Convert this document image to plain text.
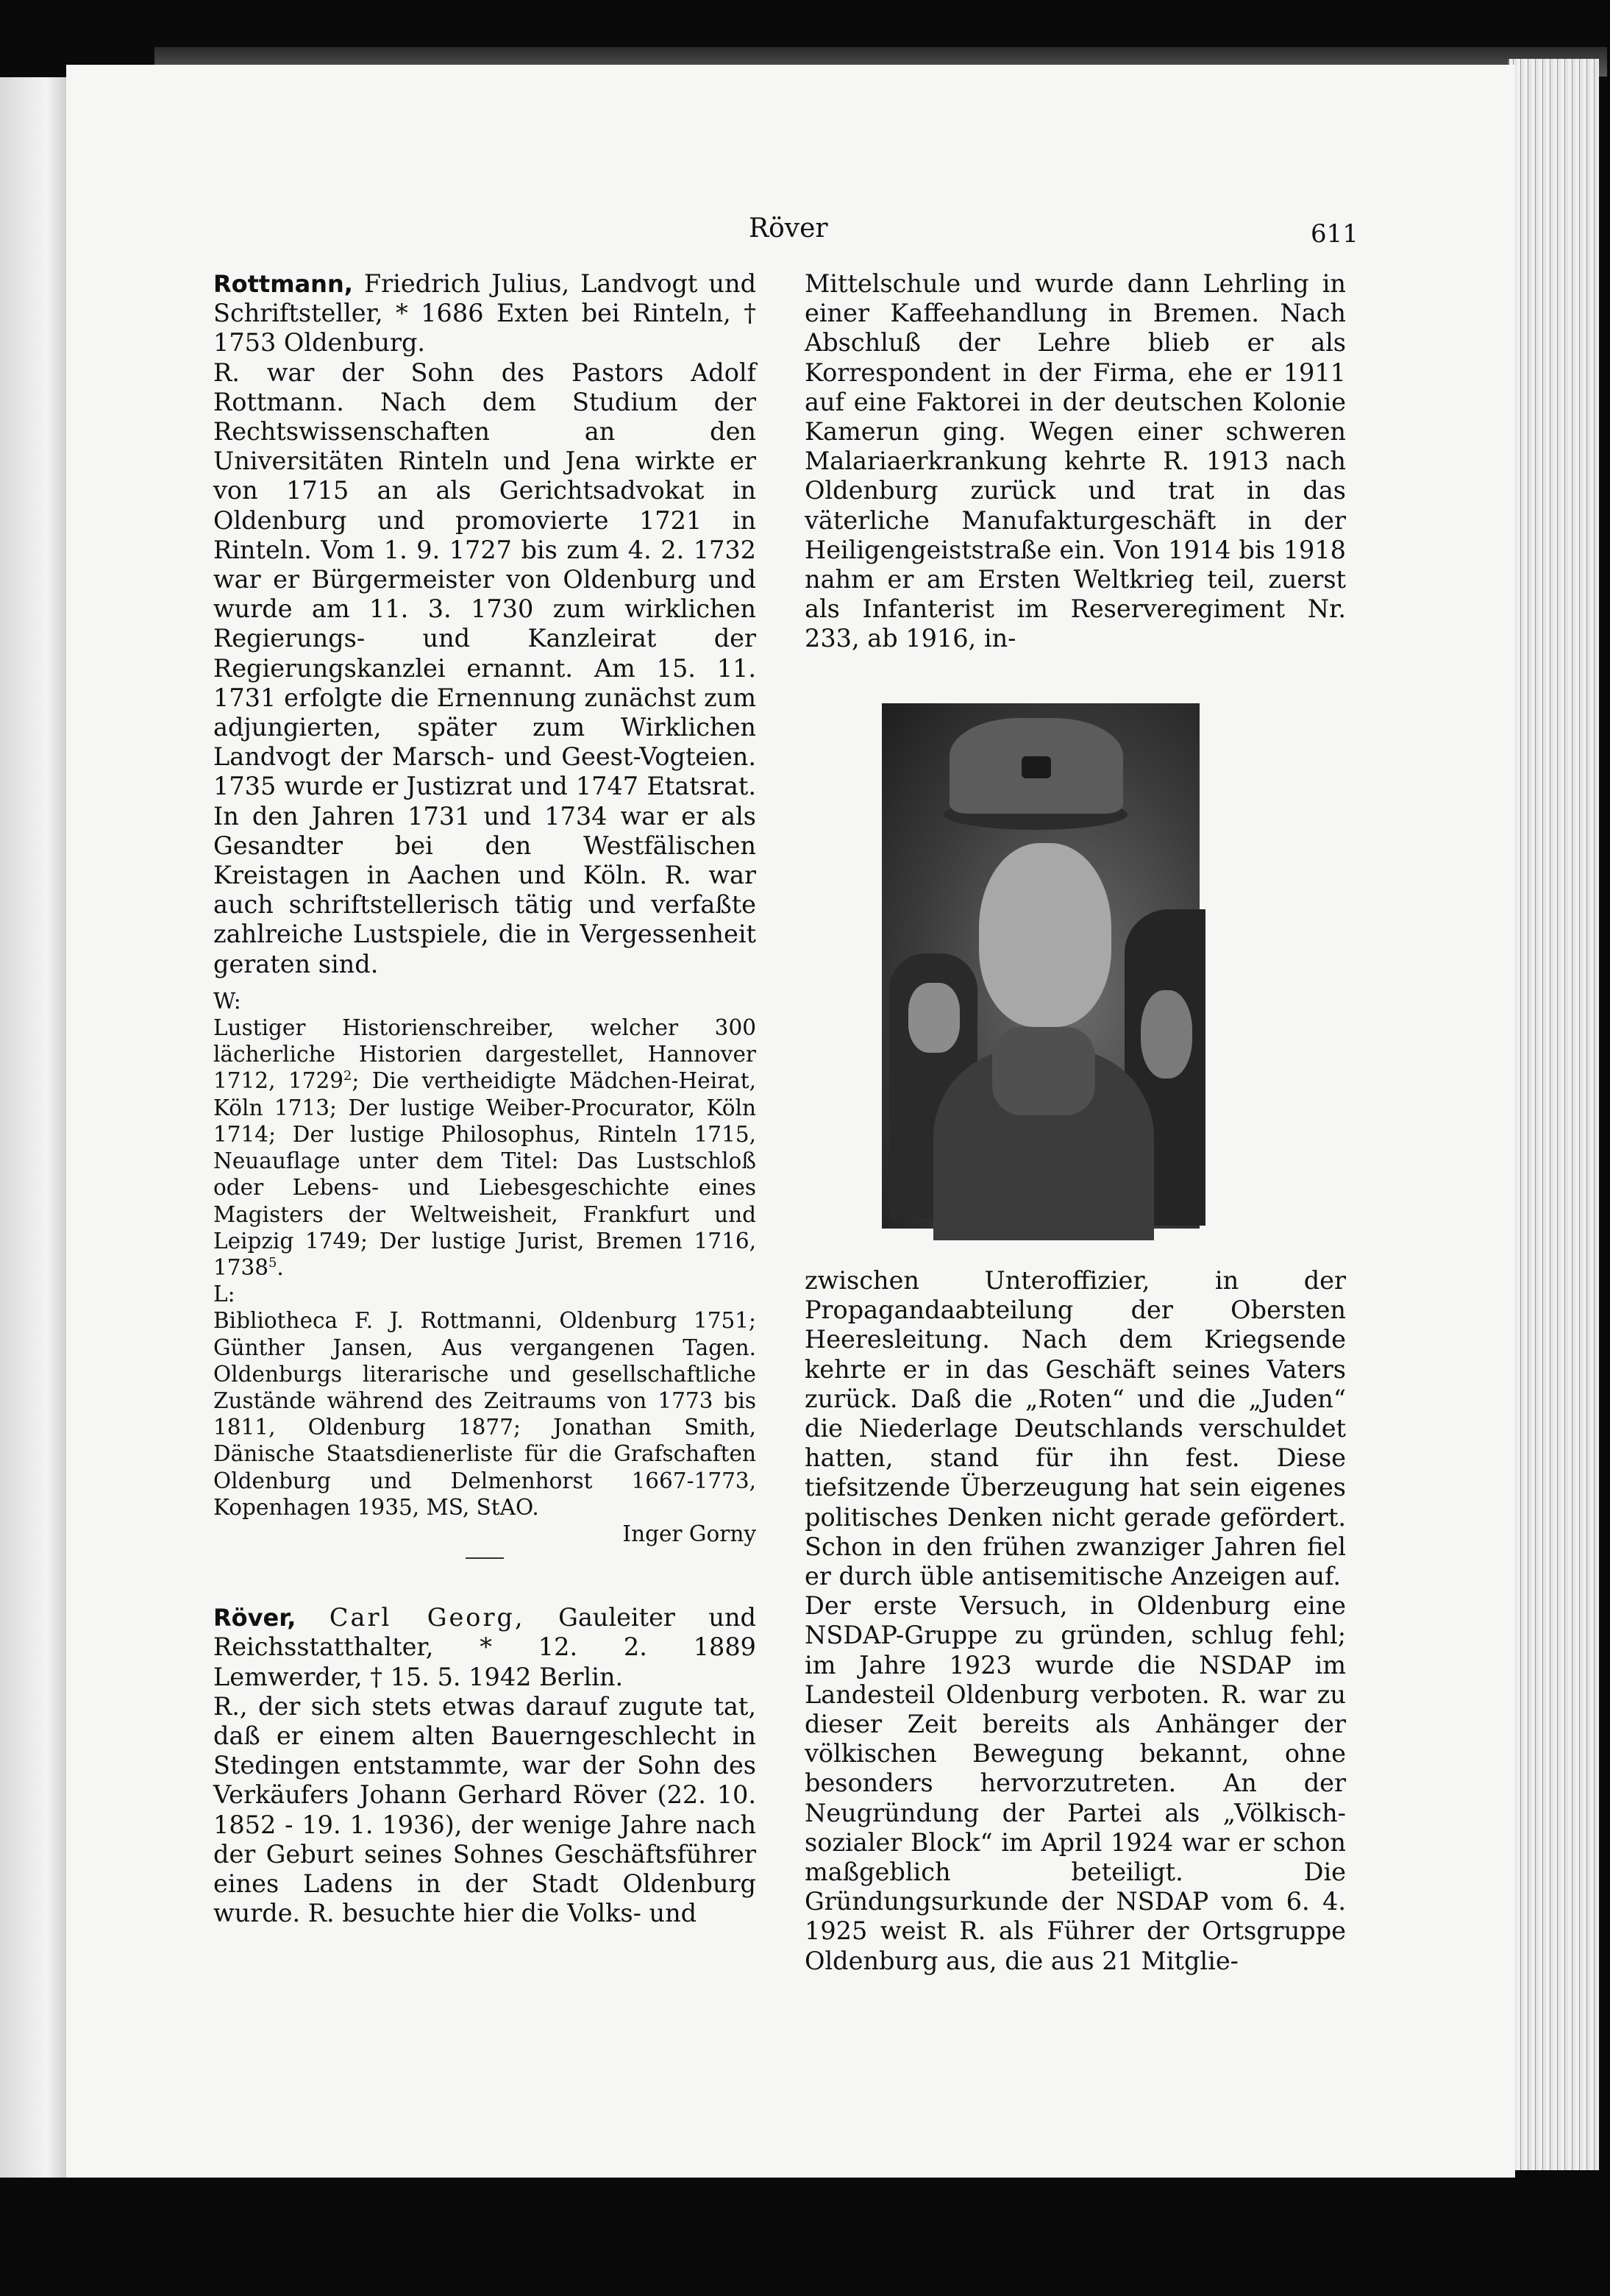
Röver	611

Rottmann, Friedrich Julius, Landvogt und Schriftsteller, * 1686 Exten bei Rinteln, † 1753 Oldenburg.

R. war der Sohn des Pastors Adolf Rottmann. Nach dem Studium der Rechtswissenschaften an den Universitäten Rinteln und Jena wirkte er von 1715 an als Gerichtsadvokat in Oldenburg und promovierte 1721 in Rinteln. Vom 1. 9. 1727 bis zum 4. 2. 1732 war er Bürgermeister von Oldenburg und wurde am 11. 3. 1730 zum wirklichen Regierungs- und Kanzleirat der Regierungskanzlei ernannt. Am 15. 11. 1731 erfolgte die Ernennung zunächst zum adjungierten, später zum Wirklichen Landvogt der Marsch- und Geest-Vogteien. 1735 wurde er Justizrat und 1747 Etatsrat. In den Jahren 1731 und 1734 war er als Gesandter bei den Westfälischen Kreistagen in Aachen und Köln. R. war auch schriftstellerisch tätig und verfaßte zahlreiche Lustspiele, die in Vergessenheit geraten sind.

W:

Lustiger Historienschreiber, welcher 300 lächerliche Historien dargestellet, Hannover 1712, 1729$^2$; Die vertheidigte Mädchen-Heirat, Köln 1713; Der lustige Weiber-Procurator, Köln 1714; Der lustige Philosophus, Rinteln 1715, Neuauflage unter dem Titel: Das Lustschloß oder Lebens- und Liebesgeschichte eines Magisters der Weltweisheit, Frankfurt und Leipzig 1749; Der lustige Jurist, Bremen 1716, 1738$^5$.

L:

Bibliotheca F. J. Rottmanni, Oldenburg 1751; Günther Jansen, Aus vergangenen Tagen. Oldenburgs literarische und gesellschaftliche Zustände während des Zeitraums von 1773 bis 1811, Oldenburg 1877; Jonathan Smith, Dänische Staatsdienerliste für die Grafschaften Oldenburg und Delmenhorst 1667-1773, Kopenhagen 1935, MS, StAO.

Inger Gorny

Röver, Carl Georg, Gauleiter und Reichsstatthalter, * 12. 2. 1889 Lemwerder, † 15. 5. 1942 Berlin.

R., der sich stets etwas darauf zugute tat, daß er einem alten Bauerngeschlecht in Stedingen entstammte, war der Sohn des Verkäufers Johann Gerhard Röver (22. 10. 1852 - 19. 1. 1936), der wenige Jahre nach der Geburt seines Sohnes Geschäftsführer eines Ladens in der Stadt Oldenburg wurde. R. besuchte hier die Volks- und

Mittelschule und wurde dann Lehrling in einer Kaffeehandlung in Bremen. Nach Abschluß der Lehre blieb er als Korrespondent in der Firma, ehe er 1911 auf eine Faktorei in der deutschen Kolonie Kamerun ging. Wegen einer schweren Malariaerkrankung kehrte R. 1913 nach Oldenburg zurück und trat in das väterliche Manufakturgeschäft in der Heiligengeiststraße ein. Von 1914 bis 1918 nahm er am Ersten Weltkrieg teil, zuerst als Infanterist im Reserveregiment Nr. 233, ab 1916, in-

zwischen Unteroffizier, in der Propagandaabteilung der Obersten Heeresleitung. Nach dem Kriegsende kehrte er in das Geschäft seines Vaters zurück. Daß die „Roten“ und die „Juden“ die Niederlage Deutschlands verschuldet hatten, stand für ihn fest. Diese tiefsitzende Überzeugung hat sein eigenes politisches Denken nicht gerade gefördert. Schon in den frühen zwanziger Jahren fiel er durch üble antisemitische Anzeigen auf.

Der erste Versuch, in Oldenburg eine NSDAP-Gruppe zu gründen, schlug fehl; im Jahre 1923 wurde die NSDAP im Landesteil Oldenburg verboten. R. war zu dieser Zeit bereits als Anhänger der völkischen Bewegung bekannt, ohne besonders hervorzutreten. An der Neugründung der Partei als „Völkisch-sozialer Block“ im April 1924 war er schon maßgeblich beteiligt. Die Gründungsurkunde der NSDAP vom 6. 4. 1925 weist R. als Führer der Ortsgruppe Oldenburg aus, die aus 21 Mitglie-
